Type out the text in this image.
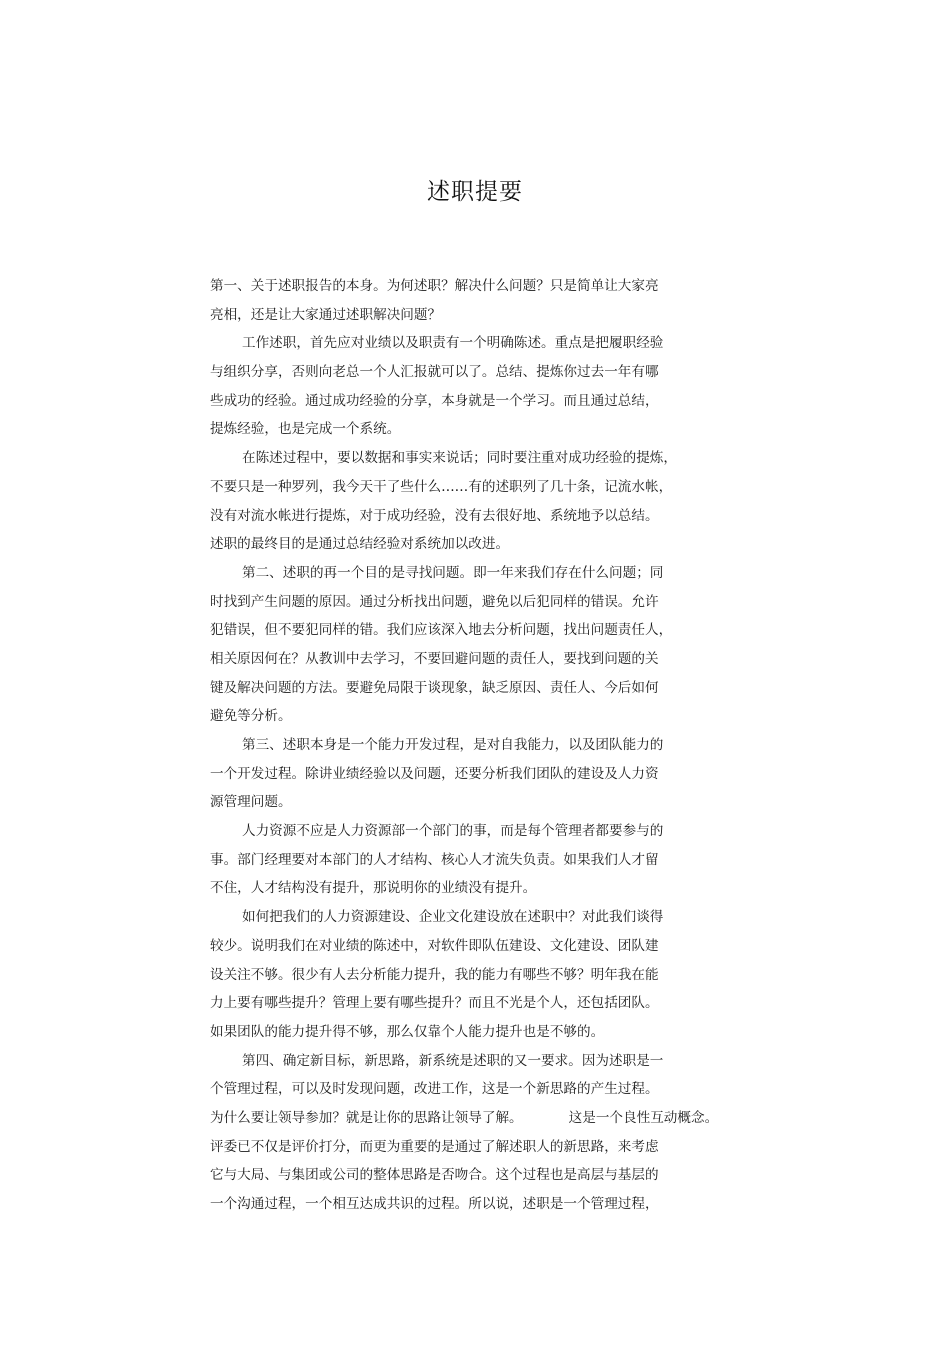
述职提要
第一、关于述职报告的本身。为何述职？解决什么问题？只是简单让大家亮
亮相，还是让大家通过述职解决问题？
工作述职，首先应对业绩以及职责有一个明确陈述。重点是把履职经验
与组织分享，否则向老总一个人汇报就可以了。总结、提炼你过去一年有哪
些成功的经验。通过成功经验的分享，本身就是一个学习。而且通过总结，
提炼经验，也是完成一个系统。
在陈述过程中，要以数据和事实来说话；同时要注重对成功经验的提炼，
不要只是一种罗列，我今天干了些什么……有的述职列了几十条，记流水帐，
没有对流水帐进行提炼，对于成功经验，没有去很好地、系统地予以总结。
述职的最终目的是通过总结经验对系统加以改进。
第二、述职的再一个目的是寻找问题。即一年来我们存在什么问题；同
时找到产生问题的原因。通过分析找出问题，避免以后犯同样的错误。允许
犯错误，但不要犯同样的错。我们应该深入地去分析问题，找出问题责任人，
相关原因何在？从教训中去学习，不要回避问题的责任人，要找到问题的关
键及解决问题的方法。要避免局限于谈现象，缺乏原因、责任人、今后如何
避免等分析。
第三、述职本身是一个能力开发过程，是对自我能力，以及团队能力的
一个开发过程。除讲业绩经验以及问题，还要分析我们团队的建设及人力资
源管理问题。
人力资源不应是人力资源部一个部门的事，而是每个管理者都要参与的
事。部门经理要对本部门的人才结构、核心人才流失负责。如果我们人才留
不住，人才结构没有提升，那说明你的业绩没有提升。
如何把我们的人力资源建设、企业文化建设放在述职中？对此我们谈得
较少。说明我们在对业绩的陈述中，对软件即队伍建设、文化建设、团队建
设关注不够。很少有人去分析能力提升，我的能力有哪些不够？明年我在能
力上要有哪些提升？管理上要有哪些提升？而且不光是个人，还包括团队。
如果团队的能力提升得不够，那么仅靠个人能力提升也是不够的。
第四、确定新目标，新思路，新系统是述职的又一要求。因为述职是一
个管理过程，可以及时发现问题，改进工作，这是一个新思路的产生过程。
为什么要让领导参加？就是让你的思路让领导了解。	这是一个良性互动概念。
评委已不仅是评价打分，而更为重要的是通过了解述职人的新思路，来考虑
它与大局、与集团或公司的整体思路是否吻合。这个过程也是高层与基层的
一个沟通过程，一个相互达成共识的过程。所以说，述职是一个管理过程，
